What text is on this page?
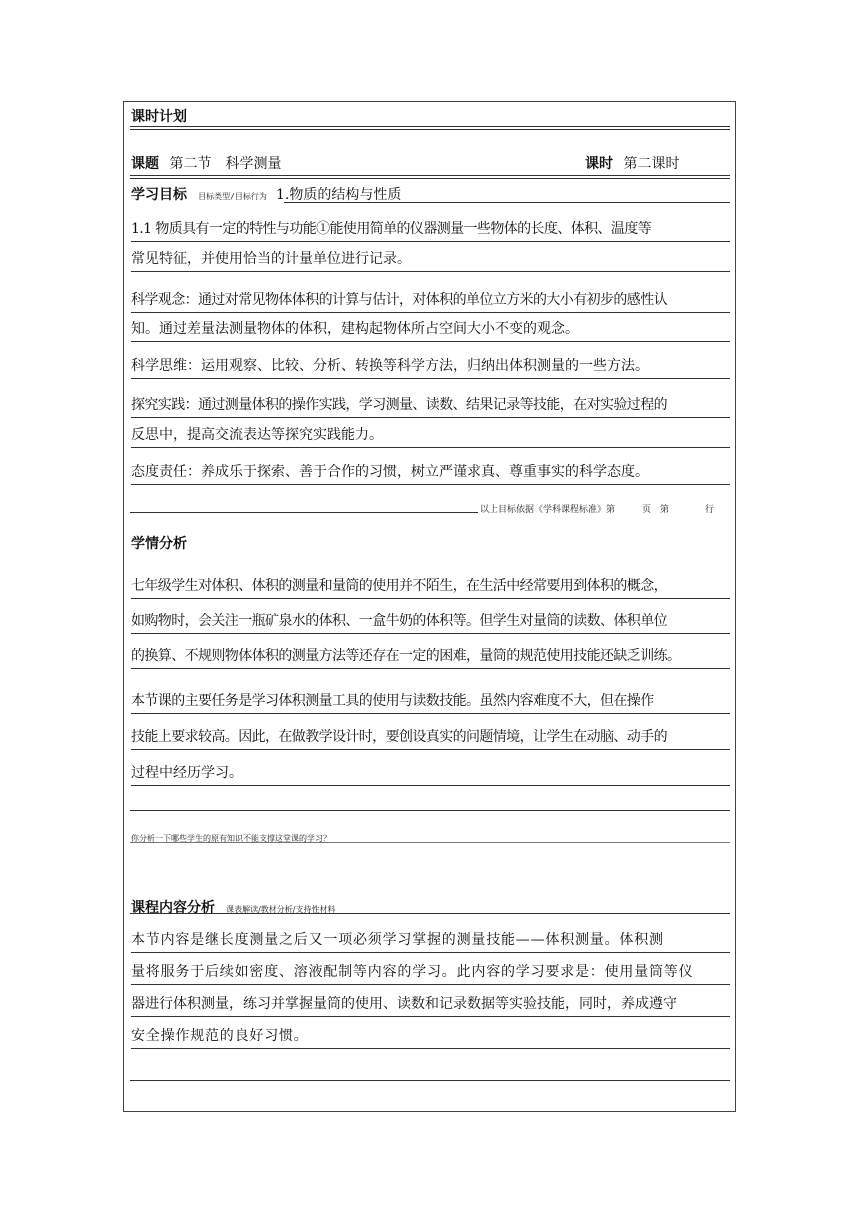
课时计划
课题 第二节　科学测量	课时 第二课时
学习目标 目标类型/目标行为 1.物质的结构与性质
1.1 物质具有一定的特性与功能①能使用简单的仪器测量一些物体的长度、体积、温度等
常见特征，并使用恰当的计量单位进行记录。
科学观念：通过对常见物体体积的计算与估计，对体积的单位立方米的大小有初步的感性认
知。通过差量法测量物体的体积，建构起物体所占空间大小不变的观念。
科学思维：运用观察、比较、分析、转换等科学方法，归纳出体积测量的一些方法。
探究实践：通过测量体积的操作实践，学习测量、读数、结果记录等技能，在对实验过程的
反思中，提高交流表达等探究实践能力。
态度责任：养成乐于探索、善于合作的习惯，树立严谨求真、尊重事实的科学态度。
以上目标依据《学科课程标准》第　　　页　第　　　　行
学情分析
七年级学生对体积、体积的测量和量筒的使用并不陌生，在生活中经常要用到体积的概念，
如购物时，会关注一瓶矿泉水的体积、一盒牛奶的体积等。但学生对量筒的读数、体积单位
的换算、不规则物体体积的测量方法等还存在一定的困难，量筒的规范使用技能还缺乏训练。
本节课的主要任务是学习体积测量工具的使用与读数技能。虽然内容难度不大，但在操作
技能上要求较高。因此，在做教学设计时，要创设真实的问题情境，让学生在动脑、动手的
过程中经历学习。
你分析一下哪些学生的原有知识不能支撑这堂课的学习？
课程内容分析 课表解读/教材分析/支持性材料
本节内容是继长度测量之后又一项必须学习掌握的测量技能——体积测量。体积测
量将服务于后续如密度、溶液配制等内容的学习。此内容的学习要求是：使用量筒等仪
器进行体积测量，练习并掌握量筒的使用、读数和记录数据等实验技能，同时，养成遵守
安全操作规范的良好习惯。
